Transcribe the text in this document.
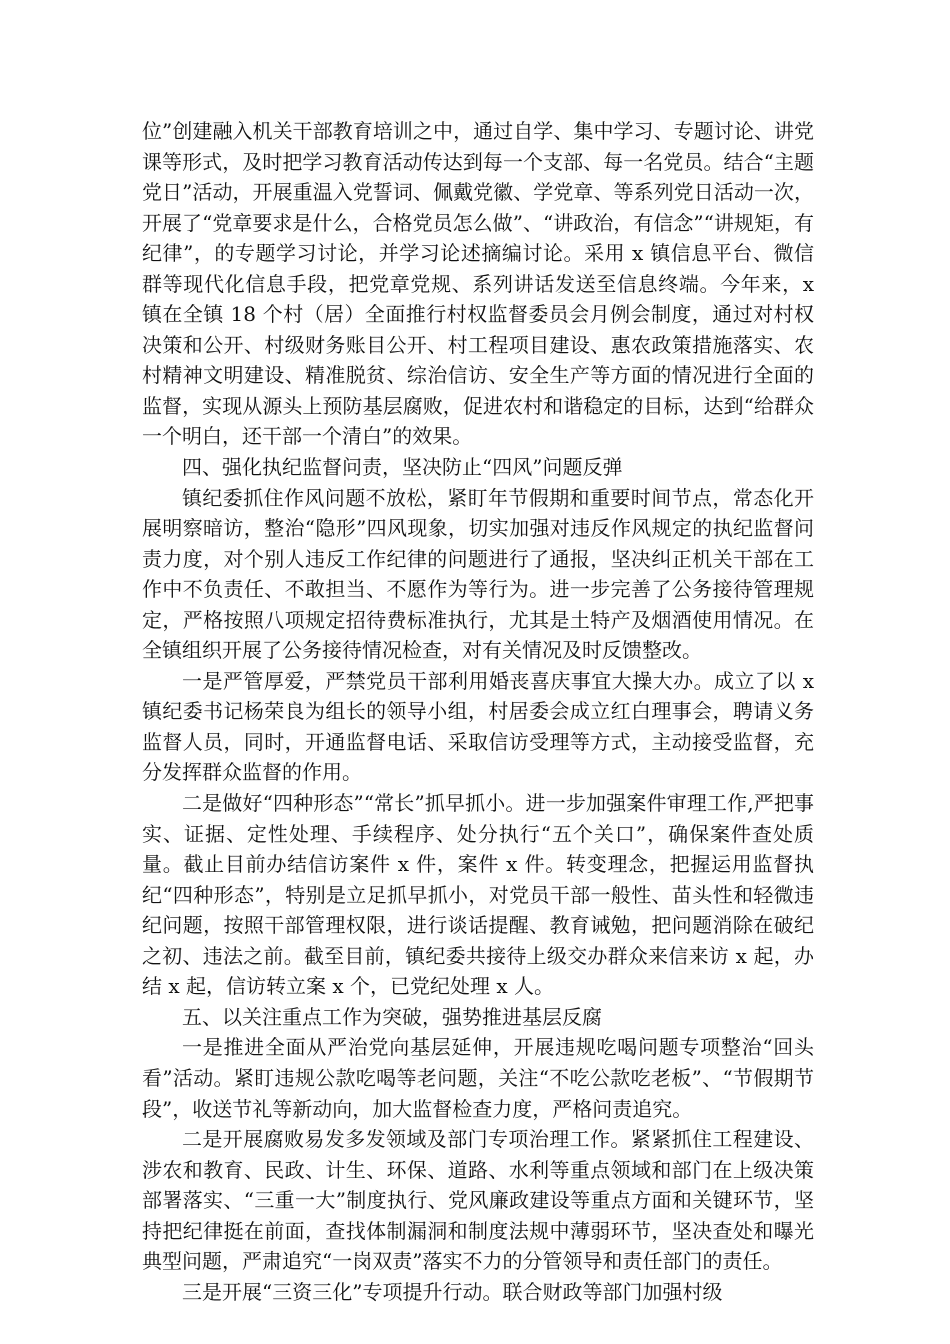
位”创建融入机关干部教育培训之中，通过自学、集中学习、专题讨论、讲党课等形式，及时把学习教育活动传达到每一个支部、每一名党员。结合“主题党日”活动，开展重温入党誓词、佩戴党徽、学党章、等系列党日活动一次，开展了“党章要求是什么，合格党员怎么做”、“讲政治，有信念”“讲规矩，有纪律”，的专题学习讨论，并学习论述摘编讨论。采用 x 镇信息平台、微信群等现代化信息手段，把党章党规、系列讲话发送至信息终端。今年来，x 镇在全镇 18 个村（居）全面推行村权监督委员会月例会制度，通过对村权决策和公开、村级财务账目公开、村工程项目建设、惠农政策措施落实、农村精神文明建设、精准脱贫、综治信访、安全生产等方面的情况进行全面的监督，实现从源头上预防基层腐败，促进农村和谐稳定的目标，达到“给群众一个明白，还干部一个清白”的效果。

四、强化执纪监督问责，坚决防止“四风”问题反弹

镇纪委抓住作风问题不放松，紧盯年节假期和重要时间节点，常态化开展明察暗访，整治“隐形”四风现象，切实加强对违反作风规定的执纪监督问责力度，对个别人违反工作纪律的问题进行了通报，坚决纠正机关干部在工作中不负责任、不敢担当、不愿作为等行为。进一步完善了公务接待管理规定，严格按照八项规定招待费标准执行，尤其是土特产及烟酒使用情况。在全镇组织开展了公务接待情况检查，对有关情况及时反馈整改。

一是严管厚爱，严禁党员干部利用婚丧喜庆事宜大操大办。成立了以 x 镇纪委书记杨荣良为组长的领导小组，村居委会成立红白理事会，聘请义务监督人员，同时，开通监督电话、采取信访受理等方式，主动接受监督，充分发挥群众监督的作用。

二是做好“四种形态”“常长”抓早抓小。进一步加强案件审理工作,严把事实、证据、定性处理、手续程序、处分执行“五个关口”，确保案件查处质量。截止目前办结信访案件 x 件，案件 x 件。转变理念，把握运用监督执纪“四种形态”，特别是立足抓早抓小，对党员干部一般性、苗头性和轻微违纪问题，按照干部管理权限，进行谈话提醒、教育诫勉，把问题消除在破纪之初、违法之前。截至目前，镇纪委共接待上级交办群众来信来访 x 起，办结 x 起，信访转立案 x 个，已党纪处理 x 人。

五、以关注重点工作为突破，强势推进基层反腐

一是推进全面从严治党向基层延伸，开展违规吃喝问题专项整治“回头看”活动。紧盯违规公款吃喝等老问题，关注“不吃公款吃老板”、“节假期节段”，收送节礼等新动向，加大监督检查力度，严格问责追究。

二是开展腐败易发多发领域及部门专项治理工作。紧紧抓住工程建设、涉农和教育、民政、计生、环保、道路、水利等重点领域和部门在上级决策部署落实、“三重一大”制度执行、党风廉政建设等重点方面和关键环节，坚持把纪律挺在前面，查找体制漏洞和制度法规中薄弱环节，坚决查处和曝光典型问题，严肃追究“一岗双责”落实不力的分管领导和责任部门的责任。

三是开展“三资三化”专项提升行动。联合财政等部门加强村级
